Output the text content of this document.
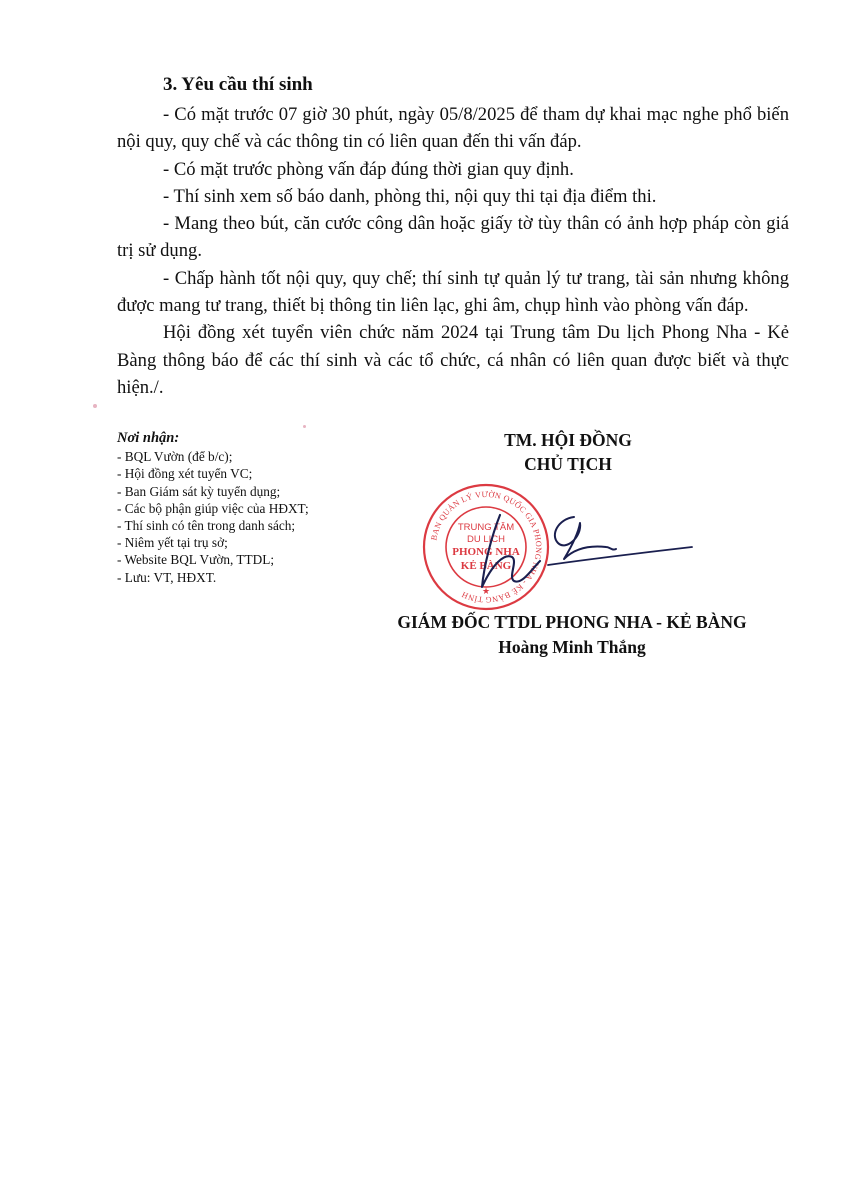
3. Yêu cầu thí sinh

- Có mặt trước 07 giờ 30 phút, ngày 05/8/2025 để tham dự khai mạc nghe phổ biến nội quy, quy chế và các thông tin có liên quan đến thi vấn đáp.

- Có mặt trước phòng vấn đáp đúng thời gian quy định.

- Thí sinh xem số báo danh, phòng thi, nội quy thi tại địa điểm thi.

- Mang theo bút, căn cước công dân hoặc giấy tờ tùy thân có ảnh hợp pháp còn giá trị sử dụng.

- Chấp hành tốt nội quy, quy chế; thí sinh tự quản lý tư trang, tài sản nhưng không được mang tư trang, thiết bị thông tin liên lạc, ghi âm, chụp hình vào phòng vấn đáp.

Hội đồng xét tuyển viên chức năm 2024 tại Trung tâm Du lịch Phong Nha - Kẻ Bàng thông báo để các thí sinh và các tổ chức, cá nhân có liên quan được biết và thực hiện./.

Nơi nhận:

- BQL Vườn (để b/c);
- Hội đồng xét tuyển VC;
- Ban Giám sát kỳ tuyển dụng;
- Các bộ phận giúp việc của HĐXT;
- Thí sinh có tên trong danh sách;
- Niêm yết tại trụ sở;
- Website BQL Vườn, TTDL;
- Lưu: VT, HĐXT.
TM. HỘI ĐỒNG
CHỦ TỊCH
BAN QUẢN LÝ VƯỜN QUỐC GIA PHONG NHA - KẺ BÀNG TỈNH
TRUNG TÂM
DU LỊCH
PHONG NHA
KẺ BÀNG
★
GIÁM ĐỐC TTDL PHONG NHA - KẺ BÀNG
Hoàng Minh Thắng
